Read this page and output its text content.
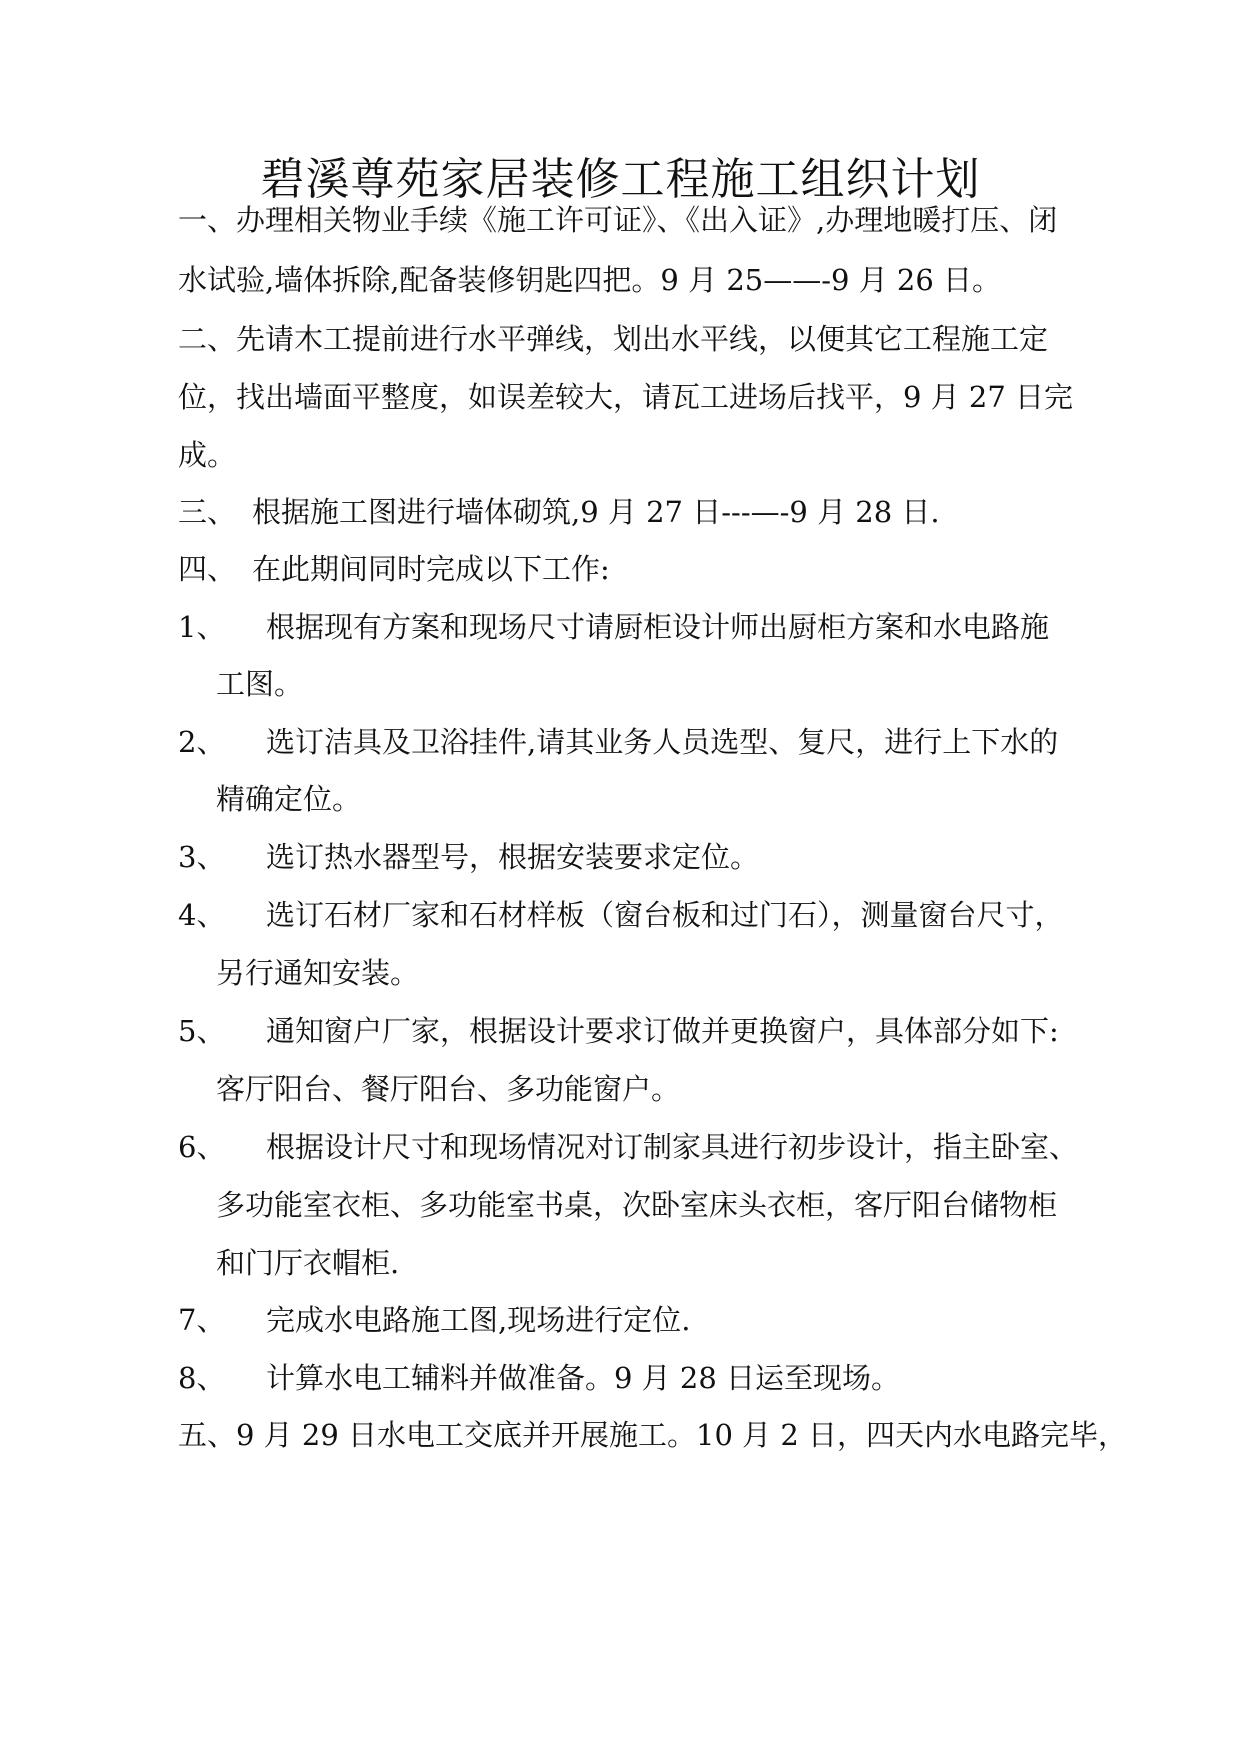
碧溪尊苑家居装修工程施工组织计划
一、办理相关物业手续《施工许可证》、《出入证》,办理地暖打压、闭
水试验,墙体拆除,配备装修钥匙四把。9 月 25——-9 月 26 日。
二、先请木工提前进行水平弹线，划出水平线，以便其它工程施工定
位，找出墙面平整度，如误差较大，请瓦工进场后找平，9 月 27 日完
成。
三、 根据施工图进行墙体砌筑,9 月 27 日---—-9 月 28 日.
四、 在此期间同时完成以下工作:
1、 根据现有方案和现场尺寸请厨柜设计师出厨柜方案和水电路施
工图。
2、 选订洁具及卫浴挂件,请其业务人员选型、复尺，进行上下水的
精确定位。
3、 选订热水器型号，根据安装要求定位。
4、 选订石材厂家和石材样板（窗台板和过门石），测量窗台尺寸，
另行通知安装。
5、 通知窗户厂家，根据设计要求订做并更换窗户，具体部分如下:
客厅阳台、餐厅阳台、多功能窗户。
6、 根据设计尺寸和现场情况对订制家具进行初步设计，指主卧室、
多功能室衣柜、多功能室书桌，次卧室床头衣柜，客厅阳台储物柜
和门厅衣帽柜.
7、 完成水电路施工图,现场进行定位.
8、 计算水电工辅料并做准备。9 月 28 日运至现场。
五、9 月 29 日水电工交底并开展施工。10 月 2 日，四天内水电路完毕，
